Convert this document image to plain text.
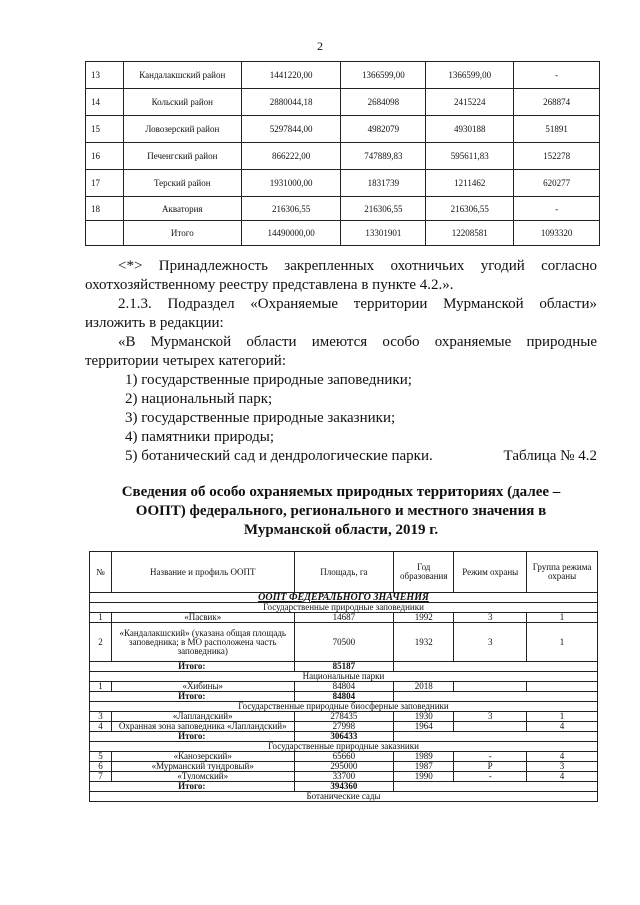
2
13	Кандалакшский район	1441220,00	1366599,00	1366599,00	-
14	Кольский район	2880044,18	2684098	2415224	268874
15	Ловозерский район	5297844,00	4982079	4930188	51891
16	Печенгский район	866222,00	747889,83	595611,83	152278
17	Терский район	1931000,00	1831739	1211462	620277
18	Акватория	216306,55	216306,55	216306,55	-
	Итого	14490000,00	13301901	12208581	1093320

<*> Принадлежность закрепленных охотничьих угодий согласно

охотхозяйственному реестру представлена в пункте 4.2.».

2.1.3. Подраздел «Охраняемые территории Мурманской области»

изложить в редакции:

«В Мурманской области имеются особо охраняемые природные

территории четырех категорий:

1) государственные природные заповедники;

2) национальный парк;

3) государственные природные заказники;

4) памятники природы;

5) ботанический сад и дендрологические парки.	Таблица № 4.2
Сведения об особо охраняемых природных территориях (далее –
ООПТ) федерального, регионального и местного значения в
Мурманской области, 2019 г.
№	Название и профиль ООПТ	Площадь, га	Год образования	Режим охраны	Группа режима охраны
ООПТ ФЕДЕРАЛЬНОГО ЗНАЧЕНИЯ					
Государственные природные заповедники					
1	«Пасвик»	14687	1992	3	1
2	«Кандалакшский» (указана общая площадь заповедника; в МО расположена часть заповедника)	70500	1932	3	1
Итого:		85187			
Национальные парки					
1	«Хибины»	84804	2018		
Итого:		84804			
Государственные природные биосферные заповедники					
3	«Лапландский»	278435	1930	3	1
4	Охранная зона заповедника «Лапландский»	27998	1964		4
Итого:		306433			
Государственные природные заказники					
5	«Канозерский»	65660	1989	-	4
6	«Мурманский тундровый»	295000	1987	Р	3
7	«Туломский»	33700	1990	-	4
Итого:		394360			
Ботанические сады					
